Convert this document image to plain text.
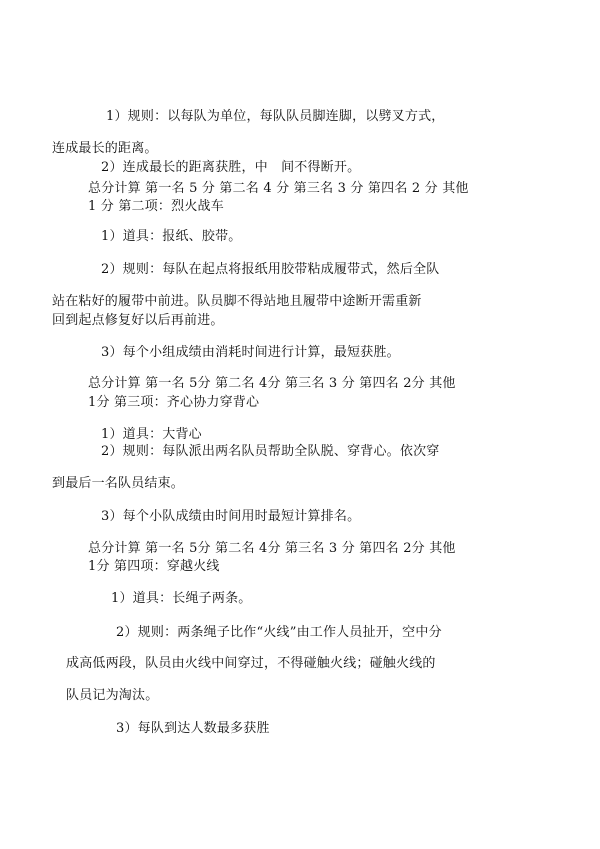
1）规则：以每队为单位，每队队员脚连脚，以劈叉方式，
连成最长的距离。
2）连成最长的距离获胜，中　间不得断开。
总分计算 第一名 5 分 第二名 4 分 第三名 3 分 第四名 2 分 其他
1 分 第二项：烈火战车
1）道具：报纸、胶带。
2）规则：每队在起点将报纸用胶带粘成履带式，然后全队
站在粘好的履带中前进。队员脚不得站地且履带中途断开需重新
回到起点修复好以后再前进。
3）每个小组成绩由消耗时间进行计算，最短获胜。
总分计算 第一名 5分 第二名 4分 第三名 3 分 第四名 2分 其他
1分 第三项：齐心协力穿背心
1）道具：大背心
2）规则：每队派出两名队员帮助全队脱、穿背心。依次穿
到最后一名队员结束。
3）每个小队成绩由时间用时最短计算排名。
总分计算 第一名 5分 第二名 4分 第三名 3 分 第四名 2分 其他
1分 第四项：穿越火线
1）道具：长绳子两条。
2）规则：两条绳子比作“火线”由工作人员扯开，空中分
成高低两段，队员由火线中间穿过，不得碰触火线；碰触火线的
队员记为淘汰。
3）每队到达人数最多获胜
